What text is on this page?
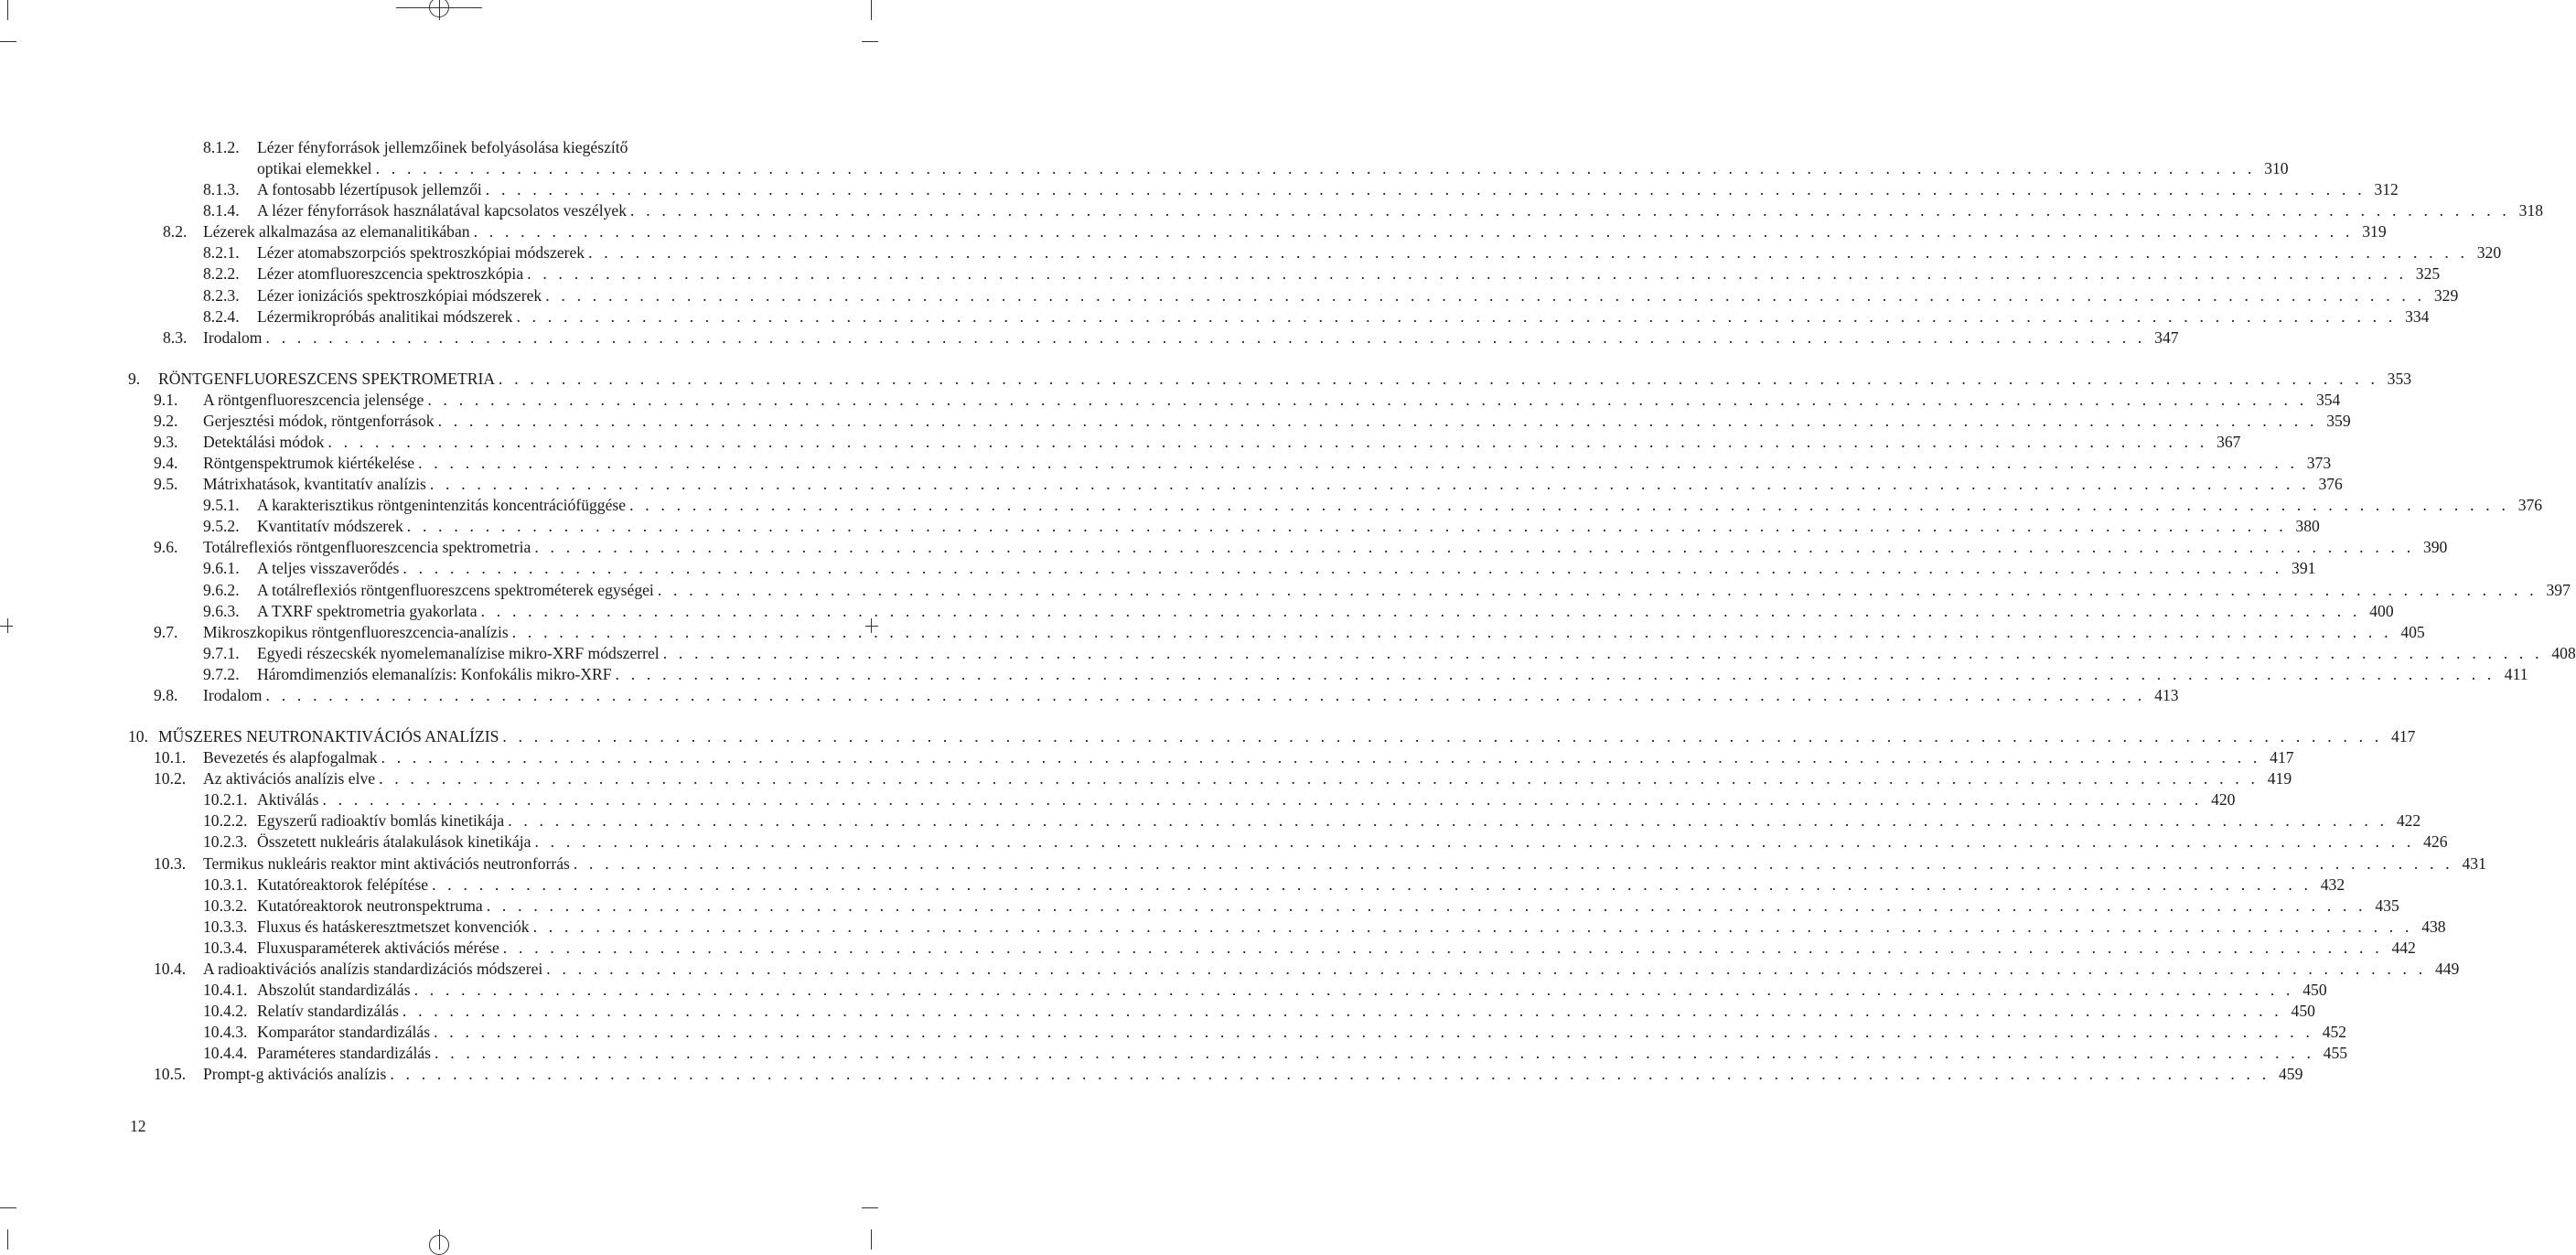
8.1.2. Lézer fényforrások jellemzőinek befolyásolása kiegészítő
optikai elemekkel . . . . . . . . . . . . . . . . . . . . . . . . . . . . . . . . . . . . . . . . . . . . . . . . . . . . . . . . . . . . . . . . . . . . . . . . . . . . . . . . . . . . . . . . . . . . . . . . . . . . . . . . . . . . . . . . . . . . . . . . 310
8.1.3. A fontosabb lézertípusok jellemzői . . . . . . . . . . . . . . . . . . . . . . . . . . . . . . . . . . . . . . . . . . . . . . . . . . . . . . . . . . . . . . . . . . . . . . . . . . . . . . . . . . . . . . . . . . . . . . . . . . . . . . . . . . . . . . . . . . . . . . . . 312
8.1.4. A lézer fényforrások használatával kapcsolatos veszélyek . . . . . . . . . . . . . . . . . . . . . . . . . . . . . . . . . . . . . . . . . . . . . . . . . . . . . . . . . . . . . . . . . . . . . . . . . . . . . . . . . . . . . . . . . . . . . . . . . . . . . . . . . . . . . . . . . . . . . . . . 318
8.2. Lézerek alkalmazása az elemanalitikában . . . . . . . . . . . . . . . . . . . . . . . . . . . . . . . . . . . . . . . . . . . . . . . . . . . . . . . . . . . . . . . . . . . . . . . . . . . . . . . . . . . . . . . . . . . . . . . . . . . . . . . . . . . . . . . . . . . . . . . . 319
8.2.1. Lézer atomabszorpciós spektroszkópiai módszerek . . . . . . . . . . . . . . . . . . . . . . . . . . . . . . . . . . . . . . . . . . . . . . . . . . . . . . . . . . . . . . . . . . . . . . . . . . . . . . . . . . . . . . . . . . . . . . . . . . . . . . . . . . . . . . . . . . . . . . . . 320
8.2.2. Lézer atomfluoreszcencia spektroszkópia . . . . . . . . . . . . . . . . . . . . . . . . . . . . . . . . . . . . . . . . . . . . . . . . . . . . . . . . . . . . . . . . . . . . . . . . . . . . . . . . . . . . . . . . . . . . . . . . . . . . . . . . . . . . . . . . . . . . . . . . 325
8.2.3. Lézer ionizációs spektroszkópiai módszerek . . . . . . . . . . . . . . . . . . . . . . . . . . . . . . . . . . . . . . . . . . . . . . . . . . . . . . . . . . . . . . . . . . . . . . . . . . . . . . . . . . . . . . . . . . . . . . . . . . . . . . . . . . . . . . . . . . . . . . . . 329
8.2.4. Lézermikropróbás analitikai módszerek . . . . . . . . . . . . . . . . . . . . . . . . . . . . . . . . . . . . . . . . . . . . . . . . . . . . . . . . . . . . . . . . . . . . . . . . . . . . . . . . . . . . . . . . . . . . . . . . . . . . . . . . . . . . . . . . . . . . . . . . 334
8.3. Irodalom . . . . . . . . . . . . . . . . . . . . . . . . . . . . . . . . . . . . . . . . . . . . . . . . . . . . . . . . . . . . . . . . . . . . . . . . . . . . . . . . . . . . . . . . . . . . . . . . . . . . . . . . . . . . . . . . . . . . . . . . 347
9. RÖNTGENFLUORESZCENS SPEKTROMETRIA . . . . . . . . . . . . . . . . . . . . . . . . . . . . . . . . . . . . . . . . . . . . . . . . . . . . . . . . . . . . . . . . . . . . . . . . . . . . . . . . . . . . . . . . . . . . . . . . . . . . . . . . . . . . . . . . . . . . . . . . 353
9.1. A röntgenfluoreszcencia jelensége . . . . . . . . . . . . . . . . . . . . . . . . . . . . . . . . . . . . . . . . . . . . . . . . . . . . . . . . . . . . . . . . . . . . . . . . . . . . . . . . . . . . . . . . . . . . . . . . . . . . . . . . . . . . . . . . . . . . . . . . 354
9.2. Gerjesztési módok, röntgenforrások . . . . . . . . . . . . . . . . . . . . . . . . . . . . . . . . . . . . . . . . . . . . . . . . . . . . . . . . . . . . . . . . . . . . . . . . . . . . . . . . . . . . . . . . . . . . . . . . . . . . . . . . . . . . . . . . . . . . . . . . 359
9.3. Detektálási módok . . . . . . . . . . . . . . . . . . . . . . . . . . . . . . . . . . . . . . . . . . . . . . . . . . . . . . . . . . . . . . . . . . . . . . . . . . . . . . . . . . . . . . . . . . . . . . . . . . . . . . . . . . . . . . . . . . . . . . . . 367
9.4. Röntgenspektrumok kiértékelése . . . . . . . . . . . . . . . . . . . . . . . . . . . . . . . . . . . . . . . . . . . . . . . . . . . . . . . . . . . . . . . . . . . . . . . . . . . . . . . . . . . . . . . . . . . . . . . . . . . . . . . . . . . . . . . . . . . . . . . . 373
9.5. Mátrixhatások, kvantitatív analízis . . . . . . . . . . . . . . . . . . . . . . . . . . . . . . . . . . . . . . . . . . . . . . . . . . . . . . . . . . . . . . . . . . . . . . . . . . . . . . . . . . . . . . . . . . . . . . . . . . . . . . . . . . . . . . . . . . . . . . . . 376
9.5.1. A karakterisztikus röntgenintenzitás koncentrációfüggése . . . . . . . . . . . . . . . . . . . . . . . . . . . . . . . . . . . . . . . . . . . . . . . . . . . . . . . . . . . . . . . . . . . . . . . . . . . . . . . . . . . . . . . . . . . . . . . . . . . . . . . . . . . . . . . . . . . . . . . . 376
9.5.2. Kvantitatív módszerek . . . . . . . . . . . . . . . . . . . . . . . . . . . . . . . . . . . . . . . . . . . . . . . . . . . . . . . . . . . . . . . . . . . . . . . . . . . . . . . . . . . . . . . . . . . . . . . . . . . . . . . . . . . . . . . . . . . . . . . . 380
9.6. Totálreflexiós röntgenfluoreszcencia spektrometria . . . . . . . . . . . . . . . . . . . . . . . . . . . . . . . . . . . . . . . . . . . . . . . . . . . . . . . . . . . . . . . . . . . . . . . . . . . . . . . . . . . . . . . . . . . . . . . . . . . . . . . . . . . . . . . . . . . . . . . . 390
9.6.1. A teljes visszaverődés . . . . . . . . . . . . . . . . . . . . . . . . . . . . . . . . . . . . . . . . . . . . . . . . . . . . . . . . . . . . . . . . . . . . . . . . . . . . . . . . . . . . . . . . . . . . . . . . . . . . . . . . . . . . . . . . . . . . . . . . 391
9.6.2. A totálreflexiós röntgenfluoreszcens spektrométerek egységei . . . . . . . . . . . . . . . . . . . . . . . . . . . . . . . . . . . . . . . . . . . . . . . . . . . . . . . . . . . . . . . . . . . . . . . . . . . . . . . . . . . . . . . . . . . . . . . . . . . . . . . . . . . . . . . . . . . . . . . . 397
9.6.3. A TXRF spektrometria gyakorlata . . . . . . . . . . . . . . . . . . . . . . . . . . . . . . . . . . . . . . . . . . . . . . . . . . . . . . . . . . . . . . . . . . . . . . . . . . . . . . . . . . . . . . . . . . . . . . . . . . . . . . . . . . . . . . . . . . . . . . . . 400
9.7. Mikroszkopikus röntgenfluoreszcencia-analízis . . . . . . . . . . . . . . . . . . . . . . . . . . . . . . . . . . . . . . . . . . . . . . . . . . . . . . . . . . . . . . . . . . . . . . . . . . . . . . . . . . . . . . . . . . . . . . . . . . . . . . . . . . . . . . . . . . . . . . . . 405
9.7.1. Egyedi részecskék nyomelemanalízise mikro-XRF módszerrel . . . . . . . . . . . . . . . . . . . . . . . . . . . . . . . . . . . . . . . . . . . . . . . . . . . . . . . . . . . . . . . . . . . . . . . . . . . . . . . . . . . . . . . . . . . . . . . . . . . . . . . . . . . . . . . . . . . . . . . . 408
9.7.2. Háromdimenziós elemanalízis: Konfokális mikro-XRF . . . . . . . . . . . . . . . . . . . . . . . . . . . . . . . . . . . . . . . . . . . . . . . . . . . . . . . . . . . . . . . . . . . . . . . . . . . . . . . . . . . . . . . . . . . . . . . . . . . . . . . . . . . . . . . . . . . . . . . . 411
9.8. Irodalom . . . . . . . . . . . . . . . . . . . . . . . . . . . . . . . . . . . . . . . . . . . . . . . . . . . . . . . . . . . . . . . . . . . . . . . . . . . . . . . . . . . . . . . . . . . . . . . . . . . . . . . . . . . . . . . . . . . . . . . . 413
10. MŰSZERES NEUTRONAKTIVÁCIÓS ANALÍZIS . . . . . . . . . . . . . . . . . . . . . . . . . . . . . . . . . . . . . . . . . . . . . . . . . . . . . . . . . . . . . . . . . . . . . . . . . . . . . . . . . . . . . . . . . . . . . . . . . . . . . . . . . . . . . . . . . . . . . . . . 417
10.1. Bevezetés és alapfogalmak . . . . . . . . . . . . . . . . . . . . . . . . . . . . . . . . . . . . . . . . . . . . . . . . . . . . . . . . . . . . . . . . . . . . . . . . . . . . . . . . . . . . . . . . . . . . . . . . . . . . . . . . . . . . . . . . . . . . . . . . 417
10.2. Az aktivációs analízis elve . . . . . . . . . . . . . . . . . . . . . . . . . . . . . . . . . . . . . . . . . . . . . . . . . . . . . . . . . . . . . . . . . . . . . . . . . . . . . . . . . . . . . . . . . . . . . . . . . . . . . . . . . . . . . . . . . . . . . . . . 419
10.2.1. Aktiválás . . . . . . . . . . . . . . . . . . . . . . . . . . . . . . . . . . . . . . . . . . . . . . . . . . . . . . . . . . . . . . . . . . . . . . . . . . . . . . . . . . . . . . . . . . . . . . . . . . . . . . . . . . . . . . . . . . . . . . . . 420
10.2.2. Egyszerű radioaktív bomlás kinetikája . . . . . . . . . . . . . . . . . . . . . . . . . . . . . . . . . . . . . . . . . . . . . . . . . . . . . . . . . . . . . . . . . . . . . . . . . . . . . . . . . . . . . . . . . . . . . . . . . . . . . . . . . . . . . . . . . . . . . . . . 422
10.2.3. Összetett nukleáris átalakulások kinetikája . . . . . . . . . . . . . . . . . . . . . . . . . . . . . . . . . . . . . . . . . . . . . . . . . . . . . . . . . . . . . . . . . . . . . . . . . . . . . . . . . . . . . . . . . . . . . . . . . . . . . . . . . . . . . . . . . . . . . . . . 426
10.3. Termikus nukleáris reaktor mint aktivációs neutronforrás . . . . . . . . . . . . . . . . . . . . . . . . . . . . . . . . . . . . . . . . . . . . . . . . . . . . . . . . . . . . . . . . . . . . . . . . . . . . . . . . . . . . . . . . . . . . . . . . . . . . . . . . . . . . . . . . . . . . . . . . 431
10.3.1. Kutatóreaktorok felépítése . . . . . . . . . . . . . . . . . . . . . . . . . . . . . . . . . . . . . . . . . . . . . . . . . . . . . . . . . . . . . . . . . . . . . . . . . . . . . . . . . . . . . . . . . . . . . . . . . . . . . . . . . . . . . . . . . . . . . . . . 432
10.3.2. Kutatóreaktorok neutronspektruma . . . . . . . . . . . . . . . . . . . . . . . . . . . . . . . . . . . . . . . . . . . . . . . . . . . . . . . . . . . . . . . . . . . . . . . . . . . . . . . . . . . . . . . . . . . . . . . . . . . . . . . . . . . . . . . . . . . . . . . . 435
10.3.3. Fluxus és hatáskeresztmetszet konvenciók . . . . . . . . . . . . . . . . . . . . . . . . . . . . . . . . . . . . . . . . . . . . . . . . . . . . . . . . . . . . . . . . . . . . . . . . . . . . . . . . . . . . . . . . . . . . . . . . . . . . . . . . . . . . . . . . . . . . . . . . 438
10.3.4. Fluxusparaméterek aktivációs mérése . . . . . . . . . . . . . . . . . . . . . . . . . . . . . . . . . . . . . . . . . . . . . . . . . . . . . . . . . . . . . . . . . . . . . . . . . . . . . . . . . . . . . . . . . . . . . . . . . . . . . . . . . . . . . . . . . . . . . . . . 442
10.4. A radioaktivációs analízis standardizációs módszerei . . . . . . . . . . . . . . . . . . . . . . . . . . . . . . . . . . . . . . . . . . . . . . . . . . . . . . . . . . . . . . . . . . . . . . . . . . . . . . . . . . . . . . . . . . . . . . . . . . . . . . . . . . . . . . . . . . . . . . . . 449
10.4.1. Abszolút standardizálás . . . . . . . . . . . . . . . . . . . . . . . . . . . . . . . . . . . . . . . . . . . . . . . . . . . . . . . . . . . . . . . . . . . . . . . . . . . . . . . . . . . . . . . . . . . . . . . . . . . . . . . . . . . . . . . . . . . . . . . . 450
10.4.2. Relatív standardizálás . . . . . . . . . . . . . . . . . . . . . . . . . . . . . . . . . . . . . . . . . . . . . . . . . . . . . . . . . . . . . . . . . . . . . . . . . . . . . . . . . . . . . . . . . . . . . . . . . . . . . . . . . . . . . . . . . . . . . . . . 450
10.4.3. Komparátor standardizálás . . . . . . . . . . . . . . . . . . . . . . . . . . . . . . . . . . . . . . . . . . . . . . . . . . . . . . . . . . . . . . . . . . . . . . . . . . . . . . . . . . . . . . . . . . . . . . . . . . . . . . . . . . . . . . . . . . . . . . . . 452
10.4.4. Paraméteres standardizálás . . . . . . . . . . . . . . . . . . . . . . . . . . . . . . . . . . . . . . . . . . . . . . . . . . . . . . . . . . . . . . . . . . . . . . . . . . . . . . . . . . . . . . . . . . . . . . . . . . . . . . . . . . . . . . . . . . . . . . . . 455
10.5. Prompt-g aktivációs analízis . . . . . . . . . . . . . . . . . . . . . . . . . . . . . . . . . . . . . . . . . . . . . . . . . . . . . . . . . . . . . . . . . . . . . . . . . . . . . . . . . . . . . . . . . . . . . . . . . . . . . . . . . . . . . . . . . . . . . . . . 459
12
